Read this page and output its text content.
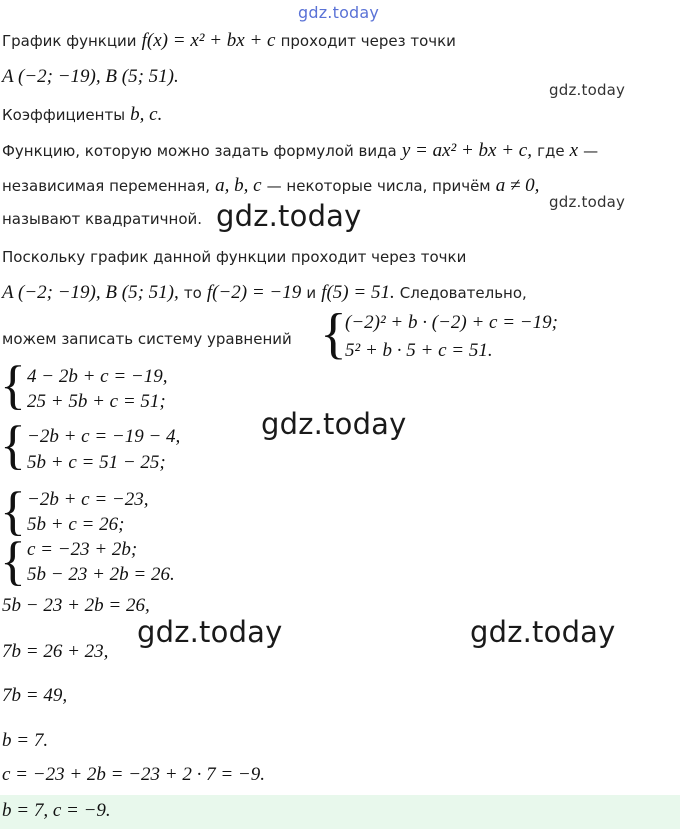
gdz.today
График функции f(x) = x² + bx + c проходит через точки
A (−2; −19), B (5; 51).
gdz.today
Коэффициенты b, c.
Функцию, которую можно задать формулой вида y = ax² + bx + c, где x —
независимая переменная, a, b, c — некоторые числа, причём a ≠ 0,
gdz.today
называют квадратичной. gdz.today
Поскольку график данной функции проходит через точки
A (−2; −19), B (5; 51), то f(−2) = −19 и f(5) = 51. Следовательно,
можем записать систему уравнений {
(−2)² + b · (−2) + c = −19;
5² + b · 5 + c = 51.
{ 4 − 2b + c = −19,
25 + 5b + c = 51;
gdz.today
{ −2b + c = −19 − 4,
5b + c = 51 − 25;
{
{
−2b + c = −23,
5b + c = 26;
c = −23 + 2b;
5b − 23 + 2b = 26.
5b − 23 + 2b = 26,
gdz.today	gdz.today
7b = 26 + 23,
7b = 49,
b = 7.
c = −23 + 2b = −23 + 2 · 7 = −9.
b = 7, c = −9.
